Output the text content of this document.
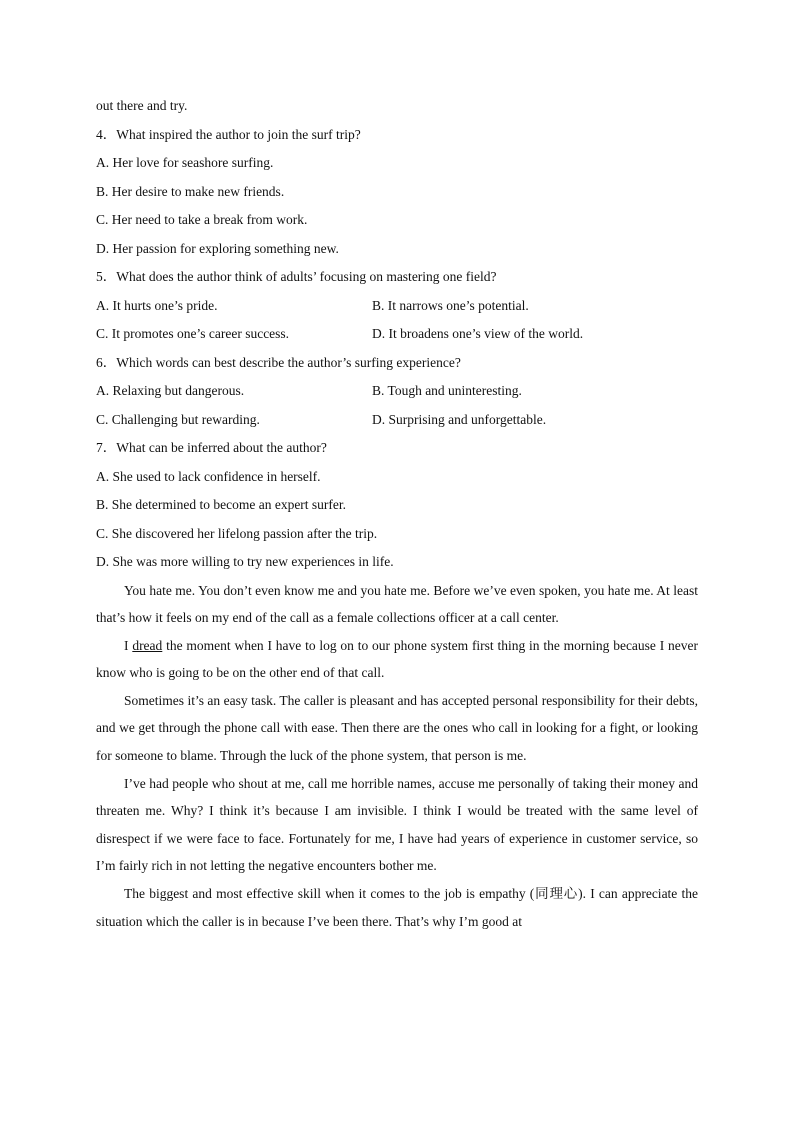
out there and try.
4．What inspired the author to join the surf trip?
A. Her love for seashore surfing.
B. Her desire to make new friends.
C. Her need to take a break from work.
D. Her passion for exploring something new.
5．What does the author think of adults’ focusing on mastering one field?
A. It hurts one’s pride.	B. It narrows one’s potential.
C. It promotes one’s career success.	D. It broadens one’s view of the world.
6．Which words can best describe the author’s surfing experience?
A. Relaxing but dangerous.	B. Tough and uninteresting.
C. Challenging but rewarding.	D. Surprising and unforgettable.
7．What can be inferred about the author?
A. She used to lack confidence in herself.
B. She determined to become an expert surfer.
C. She discovered her lifelong passion after the trip.
D. She was more willing to try new experiences in life.

You hate me. You don’t even know me and you hate me. Before we’ve even spoken, you hate me. At least that’s how it feels on my end of the call as a female collections officer at a call center.

I dread the moment when I have to log on to our phone system first thing in the morning because I never know who is going to be on the other end of that call.

Sometimes it’s an easy task. The caller is pleasant and has accepted personal responsibility for their debts, and we get through the phone call with ease. Then there are the ones who call in looking for a fight, or looking for someone to blame. Through the luck of the phone system, that person is me.

I’ve had people who shout at me, call me horrible names, accuse me personally of taking their money and threaten me. Why? I think it’s because I am invisible. I think I would be treated with the same level of disrespect if we were face to face. Fortunately for me, I have had years of experience in customer service, so I’m fairly rich in not letting the negative encounters bother me.

The biggest and most effective skill when it comes to the job is empathy (同理心). I can appreciate the situation which the caller is in because I’ve been there. That’s why I’m good at
